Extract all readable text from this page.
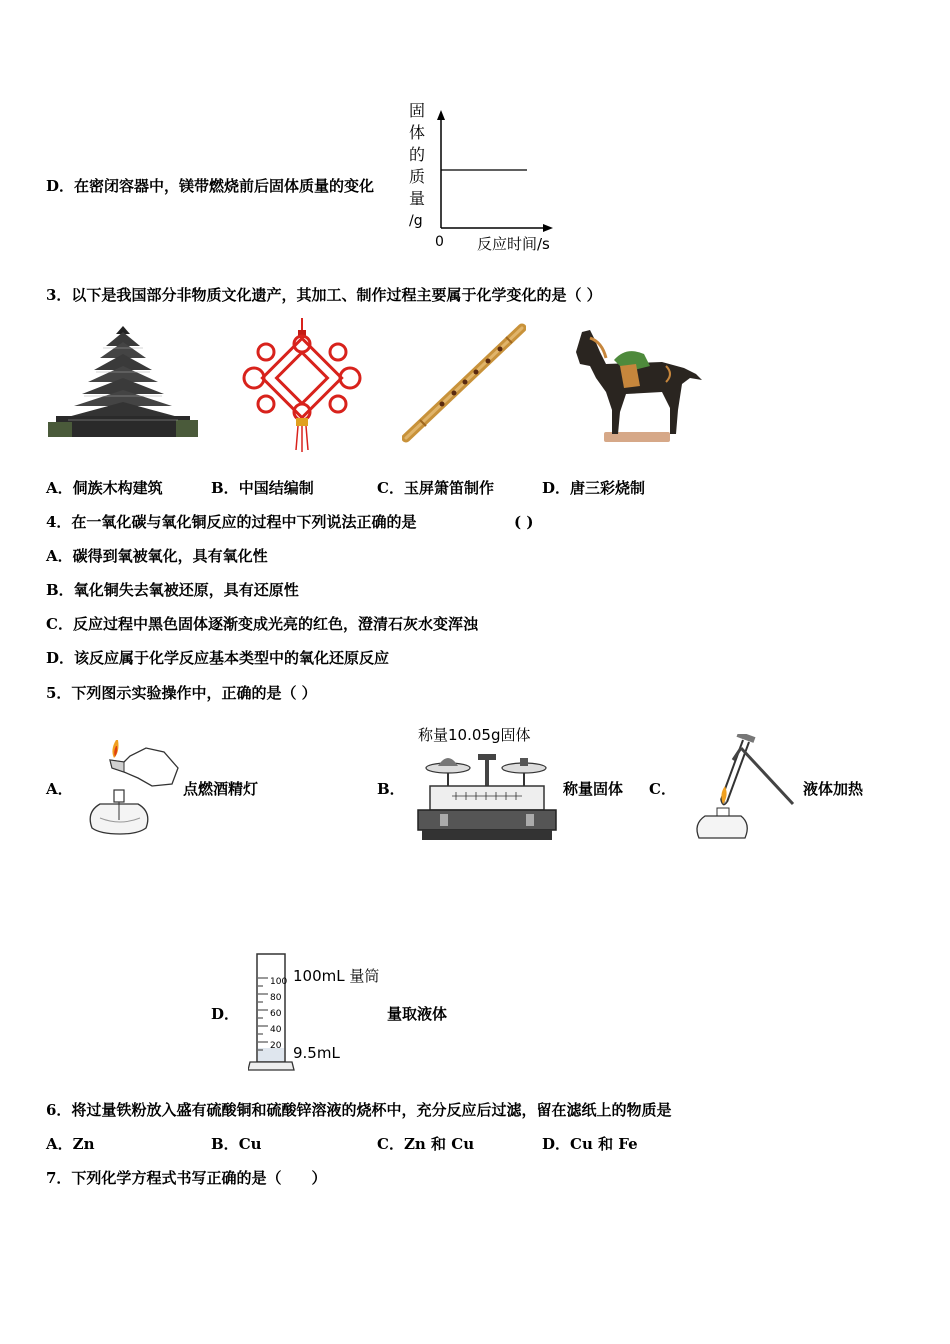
D．在密闭容器中，镁带燃烧前后固体质量的变化
固
体
的
质
量
/g
0 反应时间/s
3．以下是我国部分非物质文化遗产，其加工、制作过程主要属于化学变化的是（ ）
A．侗族木构建筑	B．中国结编制	C．玉屏箫笛制作	D．唐三彩烧制
4．在一氧化碳与氧化铜反应的过程中下列说法正确的是	( )
A．碳得到氧被氧化，具有氧化性
B．氧化铜失去氧被还原，具有还原性
C．反应过程中黑色固体逐渐变成光亮的红色，澄清石灰水变浑浊
D．该反应属于化学反应基本类型中的氧化还原反应
5．下列图示实验操作中，正确的是（ ）
A．	点燃酒精灯	B．
称量10.05g固体
称量固体 C．	液体加热
D．
100
80
60
40
20
100mL 量筒
9.5mL
量取液体
6．将过量铁粉放入盛有硫酸铜和硫酸锌溶液的烧杯中，充分反应后过滤，留在滤纸上的物质是
A．Zn	B．Cu	C．Zn 和 Cu	D．Cu 和 Fe
7．下列化学方程式书写正确的是（　　）
